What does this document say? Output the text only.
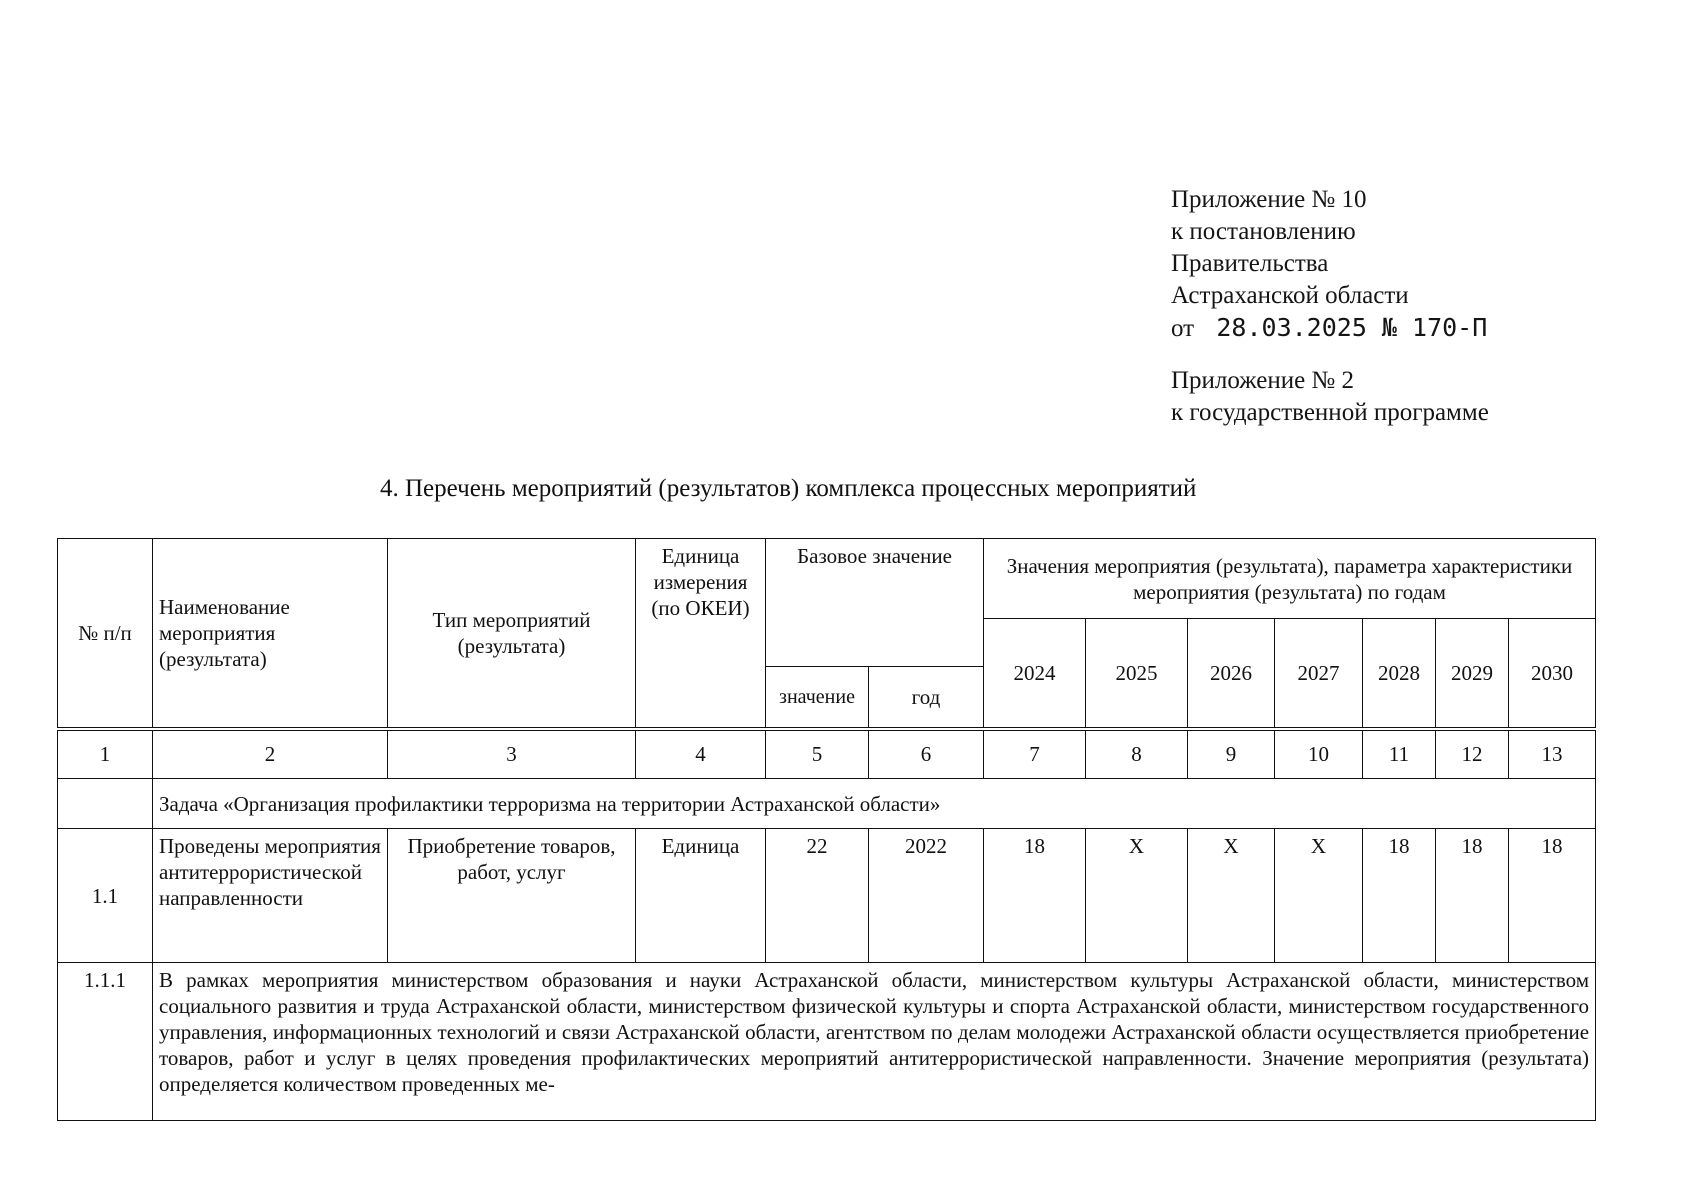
Приложение № 10
к постановлению
Правительства
Астраханской области
от 28.03.2025 № 170-П
Приложение № 2
к государственной программе
4. Перечень мероприятий (результатов) комплекса процессных мероприятий
№ п/п	Наименование мероприятия (результата)	Тип мероприятий (результата)	Единица измерения (по ОКЕИ)	Базовое значение		Значения мероприятия (результата), параметра характеристики мероприятия (результата) по годам						
						2024	2025	2026	2027	2028	2029	2030
				значение	год							
1	2	3	4	5	6	7	8	9	10	11	12	13
	Задача «Организация профилактики терроризма на территории Астраханской области»											
1.1	Проведены мероприятия антитеррористической направленности	Приобретение товаров, работ, услуг	Единица	22	2022	18	Х	Х	Х	18	18	18
1.1.1	В рамках мероприятия министерством образования и науки Астраханской области, министерством культуры Астраханской области, министерством социального развития и труда Астраханской области, министерством физической культуры и спорта Астраханской области, министерством государственного управления, информационных технологий и связи Астраханской области, агентством по делам молодежи Астраханской области осуществляется приобретение товаров, работ и услуг в целях проведения профилактических мероприятий антитеррористической направленности. Значение мероприятия (результата) определяется количеством проведенных ме-											
